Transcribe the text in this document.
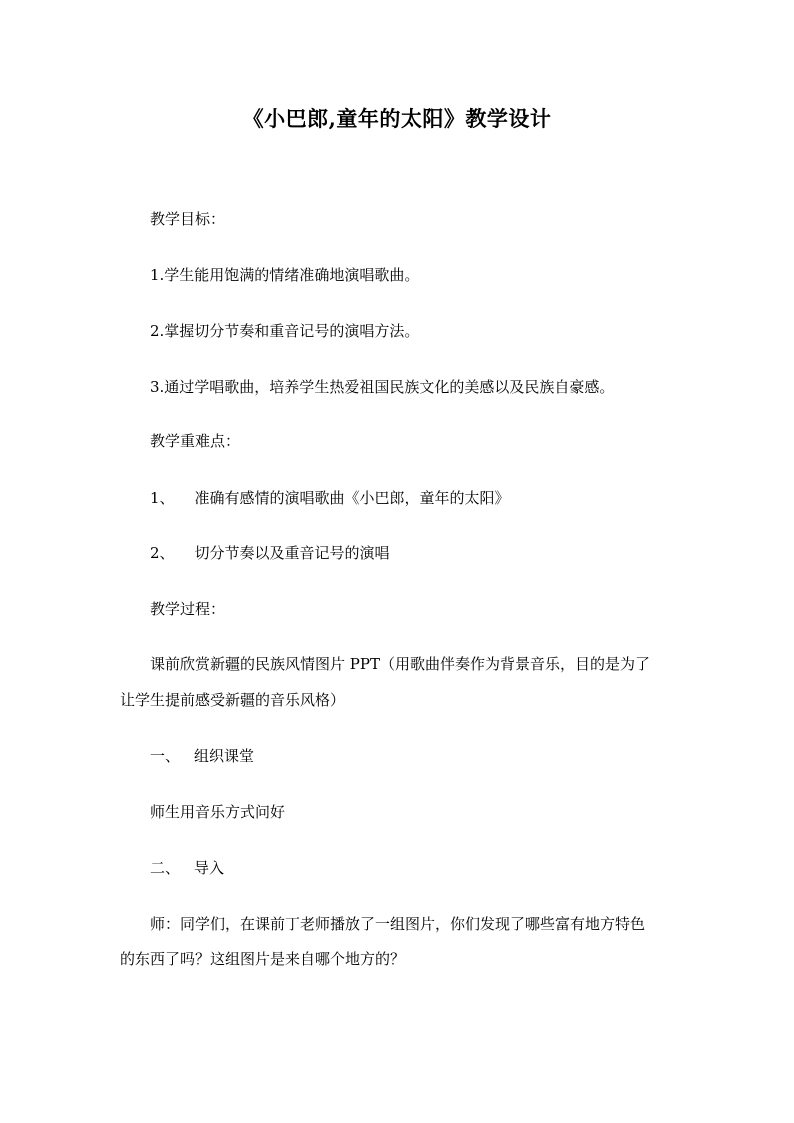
《小巴郎,童年的太阳》教学设计
教学目标：
1.学生能用饱满的情绪准确地演唱歌曲。
2.掌握切分节奏和重音记号的演唱方法。
3.通过学唱歌曲，培养学生热爱祖国民族文化的美感以及民族自豪感。
教学重难点：
1、 准确有感情的演唱歌曲《小巴郎，童年的太阳》
2、 切分节奏以及重音记号的演唱
教学过程：
课前欣赏新疆的民族风情图片 PPT（用歌曲伴奏作为背景音乐，目的是为了
让学生提前感受新疆的音乐风格）
一、 组织课堂
师生用音乐方式问好
二、 导入
师：同学们，在课前丁老师播放了一组图片，你们发现了哪些富有地方特色
的东西了吗？这组图片是来自哪个地方的？
